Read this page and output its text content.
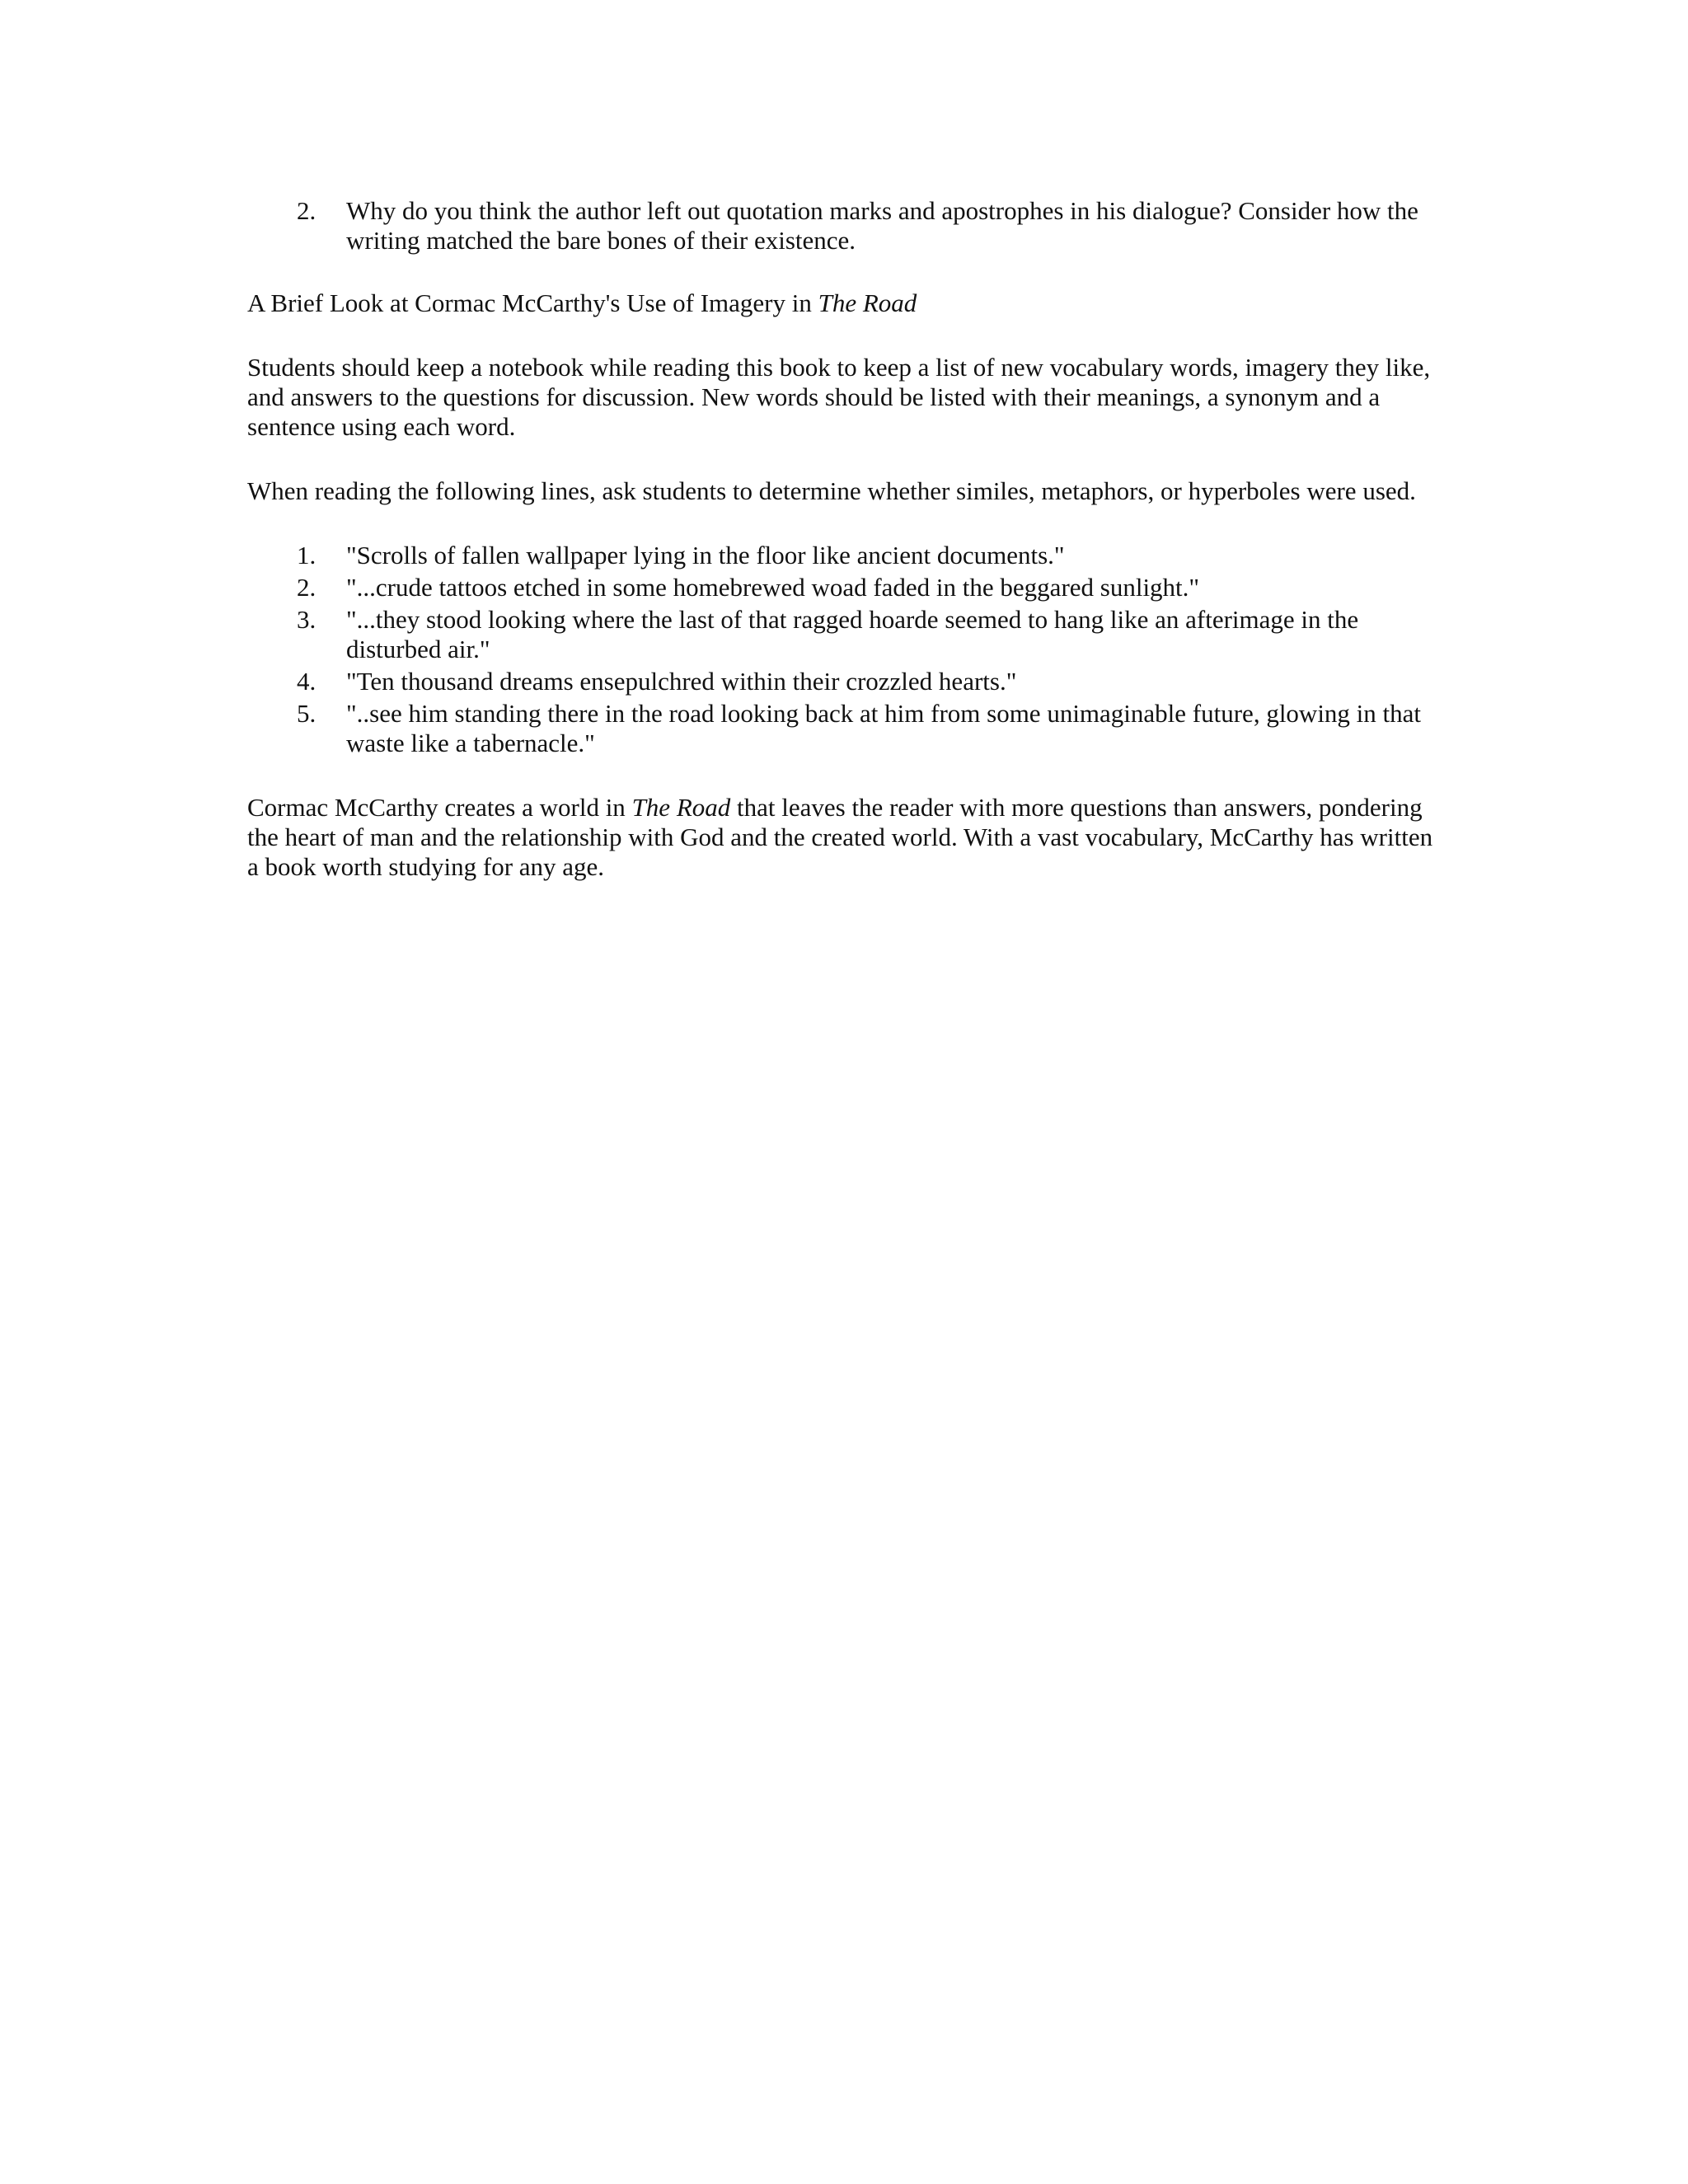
2.	Why do you think the author left out quotation marks and apostrophes in his dialogue? Consider how the writing matched the bare bones of their existence.

A Brief Look at Cormac McCarthy's Use of Imagery in The Road

Students should keep a notebook while reading this book to keep a list of new vocabulary words, imagery they like, and answers to the questions for discussion. New words should be listed with their meanings, a synonym and a sentence using each word.

When reading the following lines, ask students to determine whether similes, metaphors, or hyperboles were used.

1.	"Scrolls of fallen wallpaper lying in the floor like ancient documents."
2.	"...crude tattoos etched in some homebrewed woad faded in the beggared sunlight."
3.	"...they stood looking where the last of that ragged hoarde seemed to hang like an afterimage in the disturbed air."
4.	"Ten thousand dreams ensepulchred within their crozzled hearts."
5.	"..see him standing there in the road looking back at him from some unimaginable future, glowing in that waste like a tabernacle."

Cormac McCarthy creates a world in The Road that leaves the reader with more questions than answers, pondering the heart of man and the relationship with God and the created world. With a vast vocabulary, McCarthy has written a book worth studying for any age.
